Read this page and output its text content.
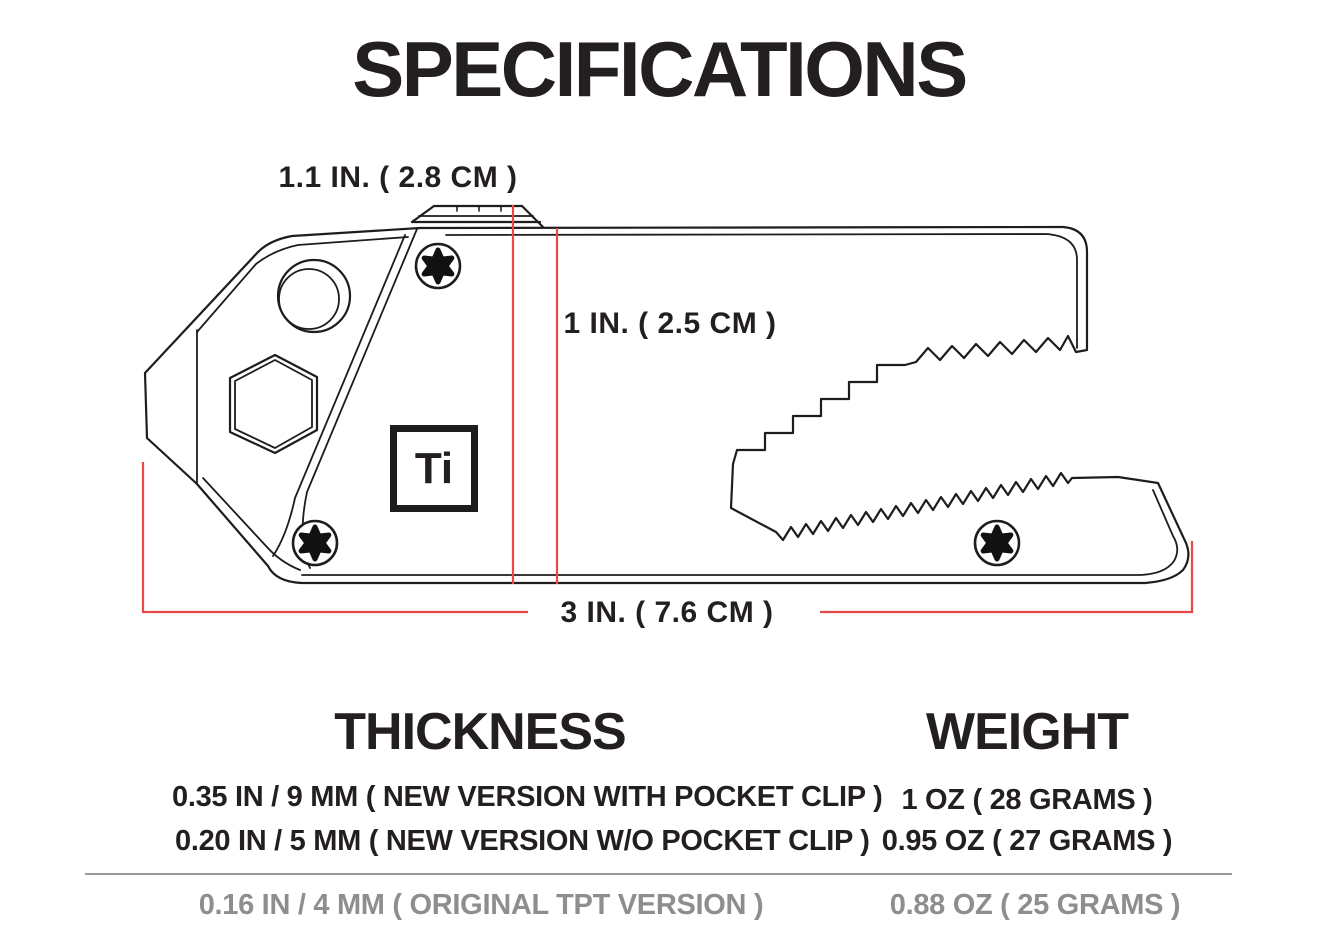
SPECIFICATIONS
1.1 IN. ( 2.8 CM )
1 IN. ( 2.5 CM )
3 IN. ( 7.6 CM )
Ti
THICKNESS	WEIGHT
0.35 IN / 9 MM ( NEW VERSION WITH POCKET CLIP )
0.20 IN / 5 MM ( NEW VERSION W/O POCKET CLIP )
1 OZ ( 28 GRAMS )
0.95 OZ ( 27 GRAMS )
0.16 IN / 4 MM ( ORIGINAL TPT VERSION )	0.88 OZ ( 25 GRAMS )
